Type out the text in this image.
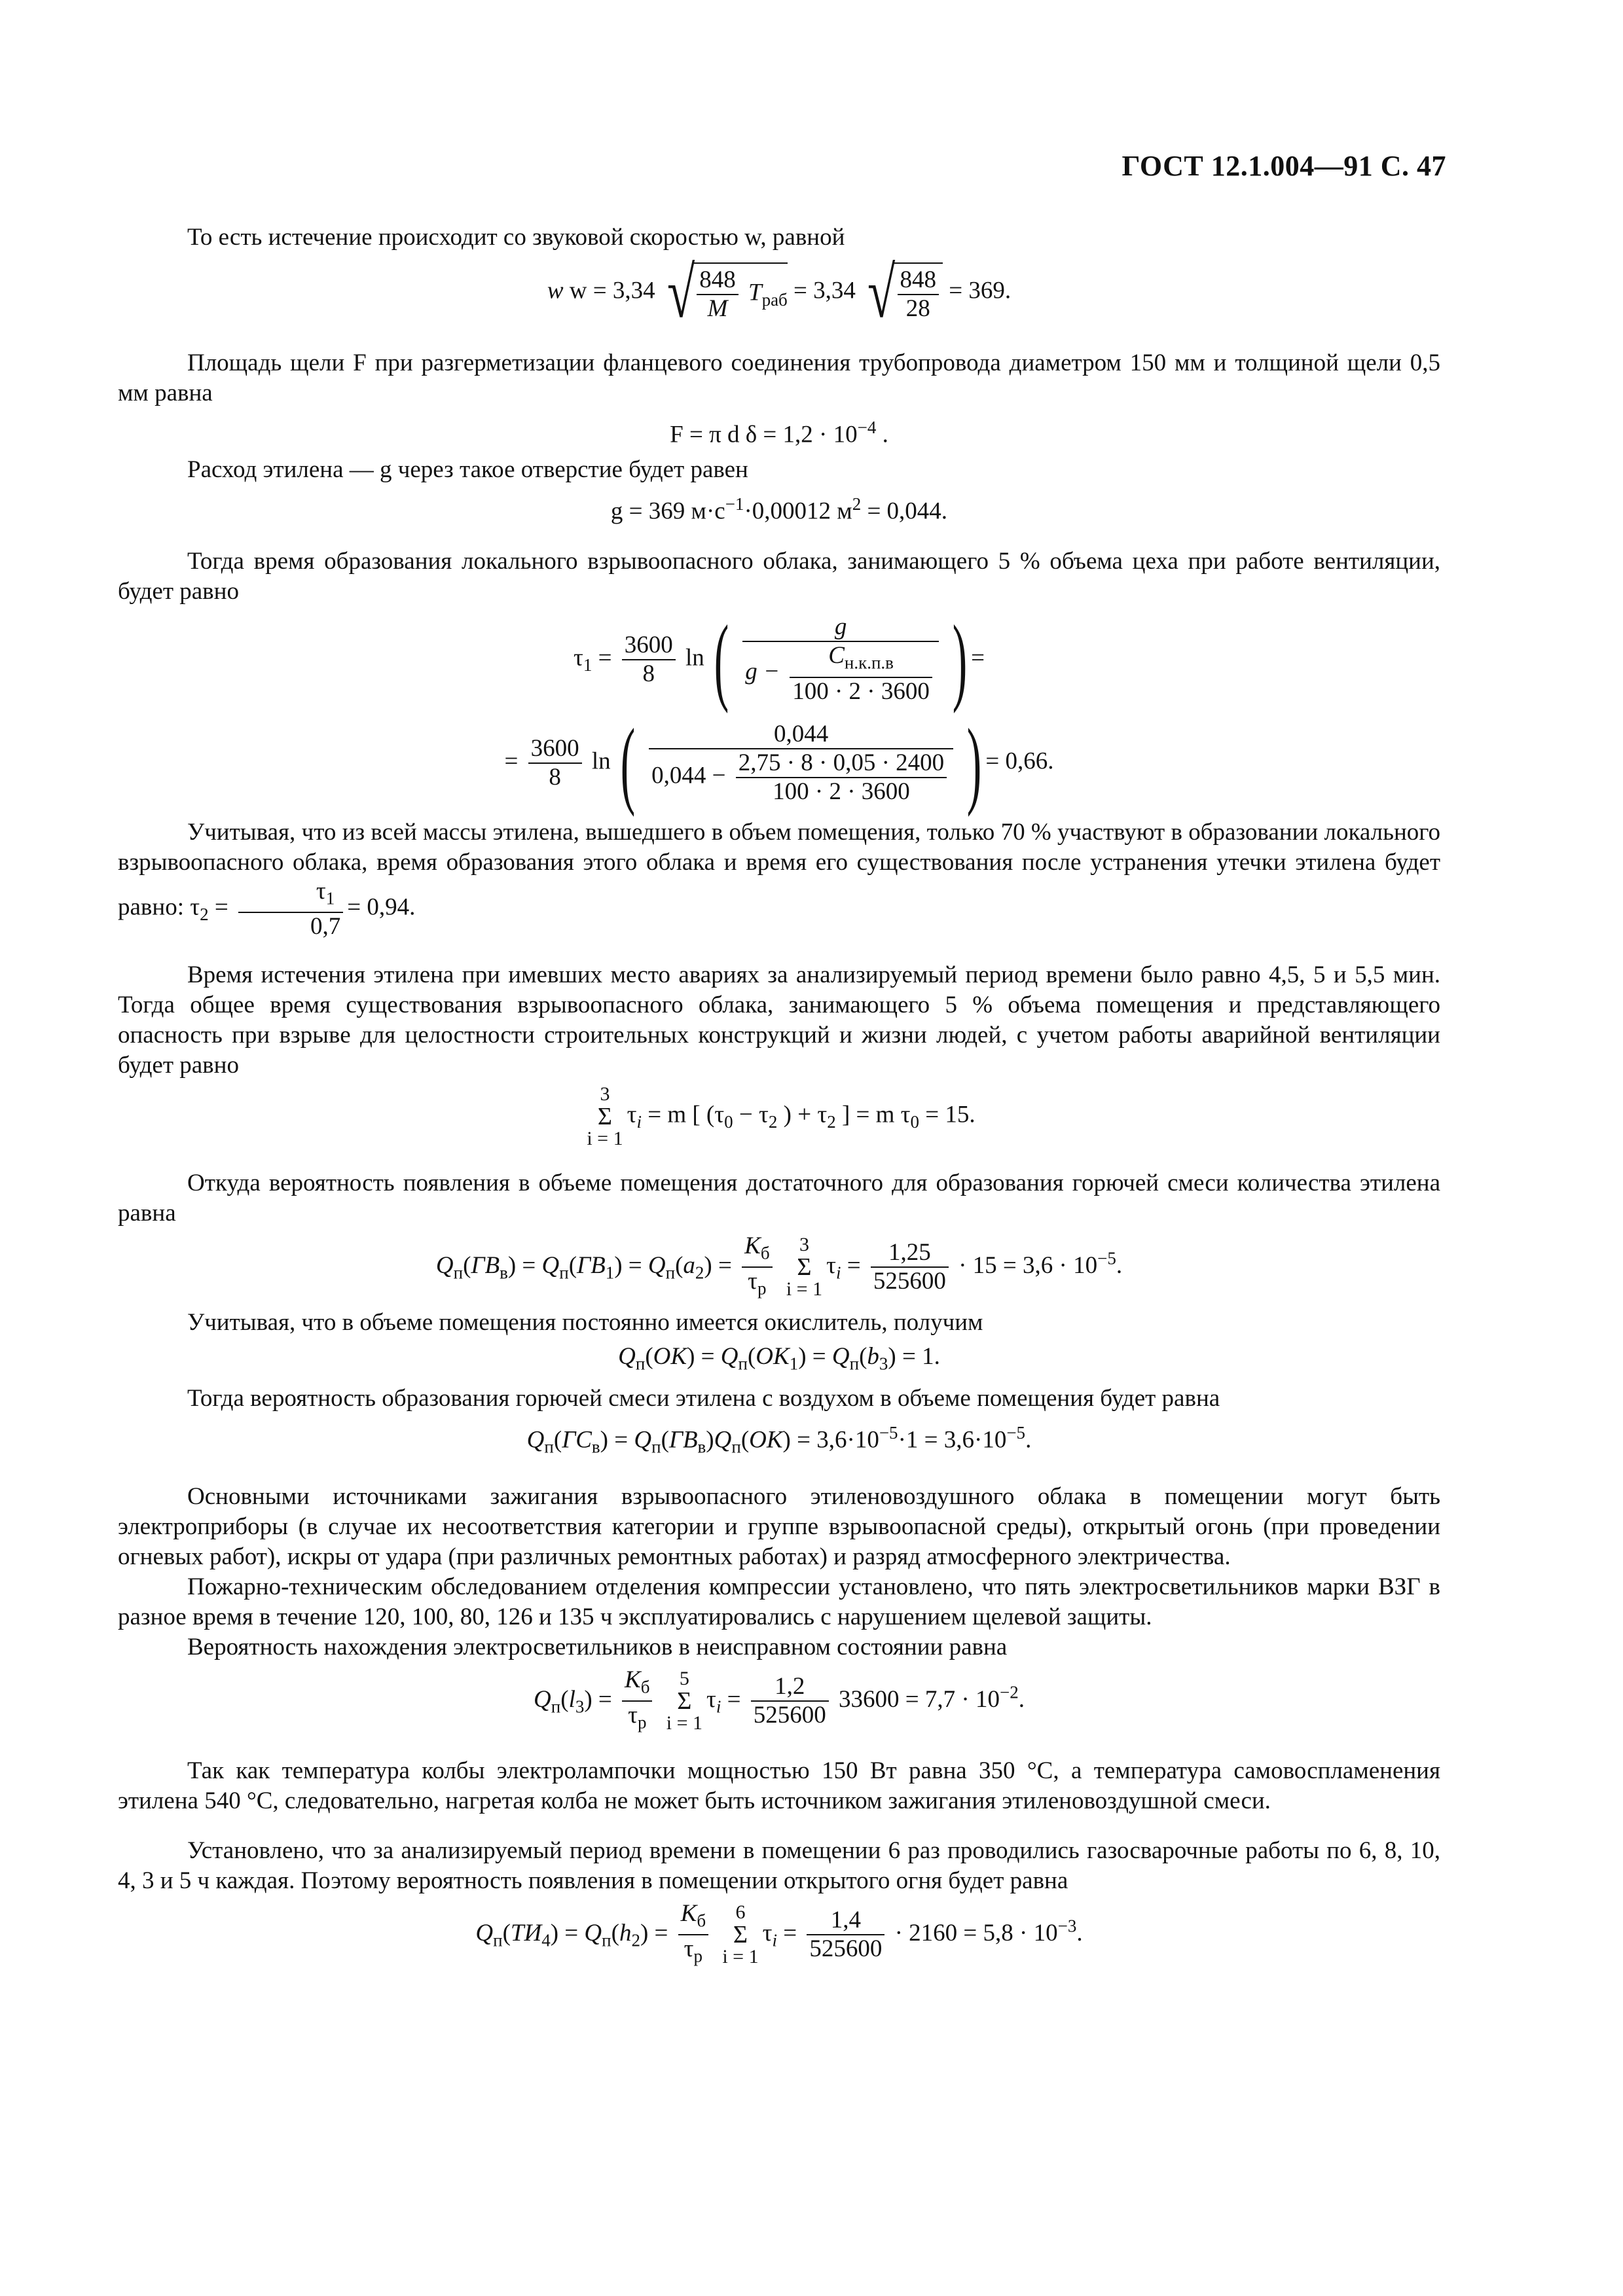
ГОСТ 12.1.004—91 С. 47

То есть истечение происходит со звуковой скоростью w, равной

w w = 3,34 √ $\frac{848}{M} T_{раб} = 3,34$ √ $\frac{848}{28} = 369$.

Площадь щели F при разгерметизации фланцевого соединения трубопровода диаметром 150 мм и толщиной щели 0,5 мм равна

F = π d $\delta = 1,2 \cdot 10^{-4}$ .

Расход этилена — g через такое отверстие будет равен

g = 369 $м\cdot с^{-1}\cdot 0,00012$ $м^2 = 0,044$.

Тогда время образования локального взрывоопасного облака, занимающего 5 % объема цеха при работе вентиляции, будет равно

$\tau_1 = \frac{3600}{8}$ ln ( $\frac{g}{g - \frac{C_{н.к.п.в}}{100 \cdot 2 \cdot 3600}}$ ) =
= $\frac{3600}{8}$ ln ( $\frac{0,044}{0,044 - \frac{2,75 \cdot 8 \cdot 0,05 \cdot 2400}{100 \cdot 2 \cdot 3600}}$ ) = 0,66.

Учитывая, что из всей массы этилена, вышедшего в объем помещения, только 70 % участвуют в образовании локального взрывоопасного облака, время образования этого облака и время его существования после устранения утечки этилена будет равно: $\tau_2 = \frac{\tau_1}{0,7} = 0,94$.

Время истечения этилена при имевших место авариях за анализируемый период времени было равно 4,5, 5 и 5,5 мин. Тогда общее время существования взрывоопасного облака, занимающего 5 % объема помещения и представляющего опасность при взрыве для целостности строительных конструкций и жизни людей, с учетом работы аварийной вентиляции будет равно

3
Σ
$i = 1\tau_i = m$ [ ($\tau_0 - \tau_2$ ) + $\tau_2$ ] = m $\tau_0 = 15$.

Откуда вероятность появления в объеме помещения достаточного для образования горючей смеси количества этилена равна

$Q_п(ГВ_в) = Q_п(ГВ_1) = Q_п(a_2) = \frac{K_б}{\tau_р} 3$
Σ
$i = 1\tau_i = \frac{1,25}{525600} \cdot 15 = 3,6 \cdot 10^{-5}$.

Учитывая, что в объеме помещения постоянно имеется окислитель, получим

$Q_п(OK) = Q_п(OK_1) = Q_п(b_3) = 1$.

Тогда вероятность образования горючей смеси этилена с воздухом в объеме помещения будет равна

$Q_п(ГС_в) = Q_п(ГВ_в)Q_п(OK) = 3,6\cdot 10^{-5}\cdot 1 = 3,6\cdot 10^{-5}$.

Основными источниками зажигания взрывоопасного этиленовоздушного облака в помещении могут быть электроприборы (в случае их несоответствия категории и группе взрывоопасной среды), открытый огонь (при проведении огневых работ), искры от удара (при различных ремонтных работах) и разряд атмосферного электричества.

Пожарно-техническим обследованием отделения компрессии установлено, что пять электросветильников марки ВЗГ в разное время в течение 120, 100, 80, 126 и 135 ч эксплуатировались с нарушением щелевой защиты.

Вероятность нахождения электросветильников в неисправном состоянии равна

$Q_п(l_3) = \frac{K_б}{\tau_р} 5$
Σ
$i = 1\tau_i = \frac{1,2}{525600} 33600 = 7,7 \cdot 10^{-2}$.

Так как температура колбы электролампочки мощностью 150 Вт равна 350 °С, а температура самовоспламенения этилена 540 °С, следовательно, нагретая колба не может быть источником зажигания этиленовоздушной смеси.

Установлено, что за анализируемый период времени в помещении 6 раз проводились газосварочные работы по 6, 8, 10, 4, 3 и 5 ч каждая. Поэтому вероятность появления в помещении открытого огня будет равна

$Q_п(ТИ_4) = Q_п(h_2) = \frac{K_б}{\tau_р} 6$
Σ
$i = 1\tau_i = \frac{1,4}{525600} \cdot 2160 = 5,8 \cdot 10^{-3}$.
